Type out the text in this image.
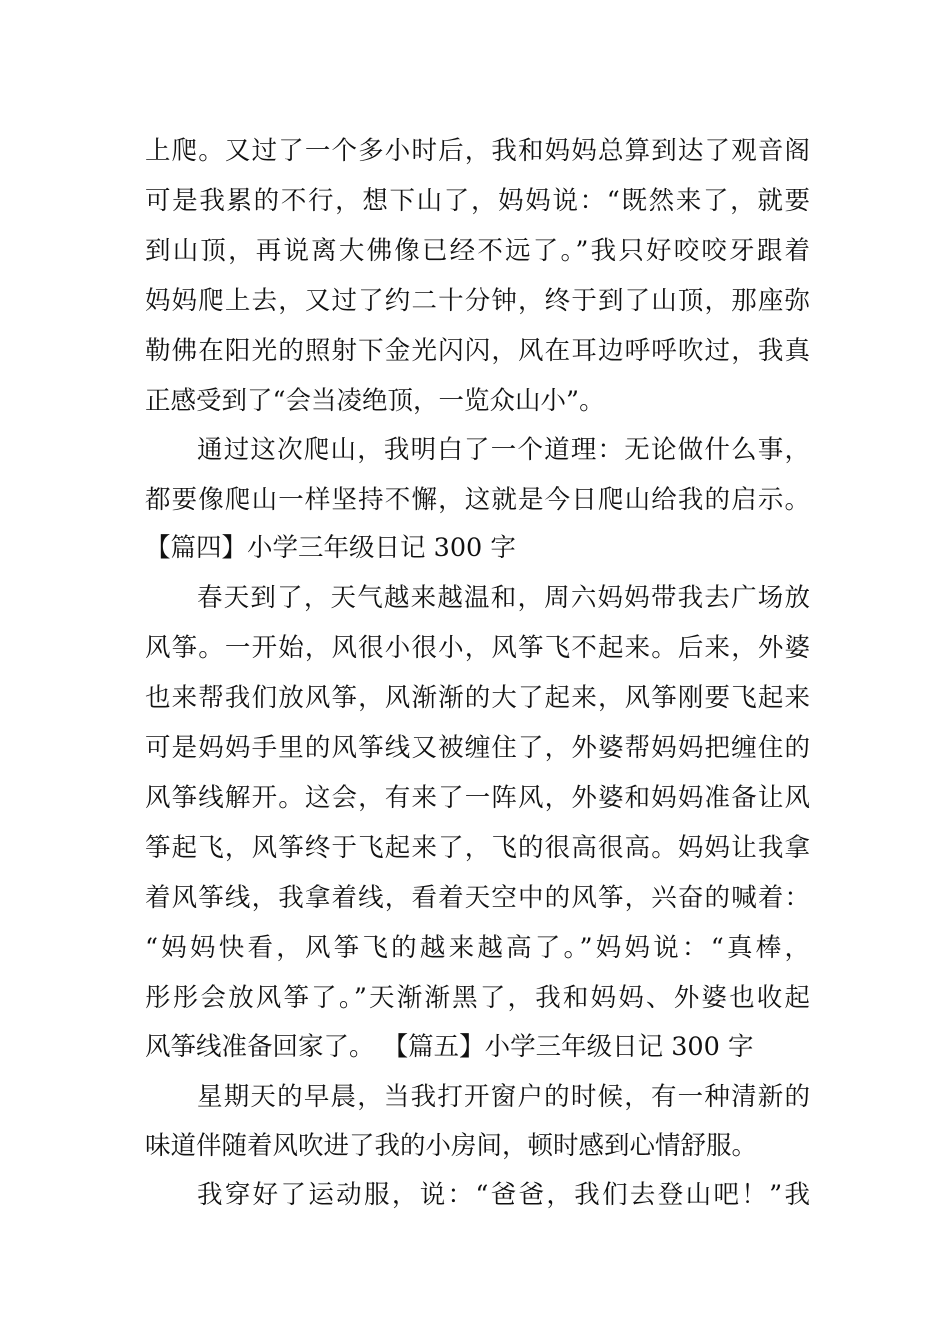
上爬。又过了一个多小时后，我和妈妈总算到达了观音阁
可是我累的不行，想下山了，妈妈说：“既然来了，就要
到山顶，再说离大佛像已经不远了。”我只好咬咬牙跟着
妈妈爬上去，又过了约二十分钟，终于到了山顶，那座弥
勒佛在阳光的照射下金光闪闪，风在耳边呼呼吹过，我真
正感受到了“会当凌绝顶，一览众山小”。
通过这次爬山，我明白了一个道理：无论做什么事，
都要像爬山一样坚持不懈，这就是今日爬山给我的启示。
【篇四】小学三年级日记 300 字
春天到了，天气越来越温和，周六妈妈带我去广场放
风筝。一开始，风很小很小，风筝飞不起来。后来，外婆
也来帮我们放风筝，风渐渐的大了起来，风筝刚要飞起来
可是妈妈手里的风筝线又被缠住了，外婆帮妈妈把缠住的
风筝线解开。这会，有来了一阵风，外婆和妈妈准备让风
筝起飞，风筝终于飞起来了，飞的很高很高。妈妈让我拿
着风筝线，我拿着线，看着天空中的风筝，兴奋的喊着：
“妈妈快看，风筝飞的越来越高了。”妈妈说：“真棒，
彤彤会放风筝了。”天渐渐黑了，我和妈妈、外婆也收起
风筝线准备回家了。 【篇五】小学三年级日记 300 字
星期天的早晨，当我打开窗户的时候，有一种清新的
味道伴随着风吹进了我的小房间，顿时感到心情舒服。
我穿好了运动服，说：“爸爸，我们去登山吧！”我
